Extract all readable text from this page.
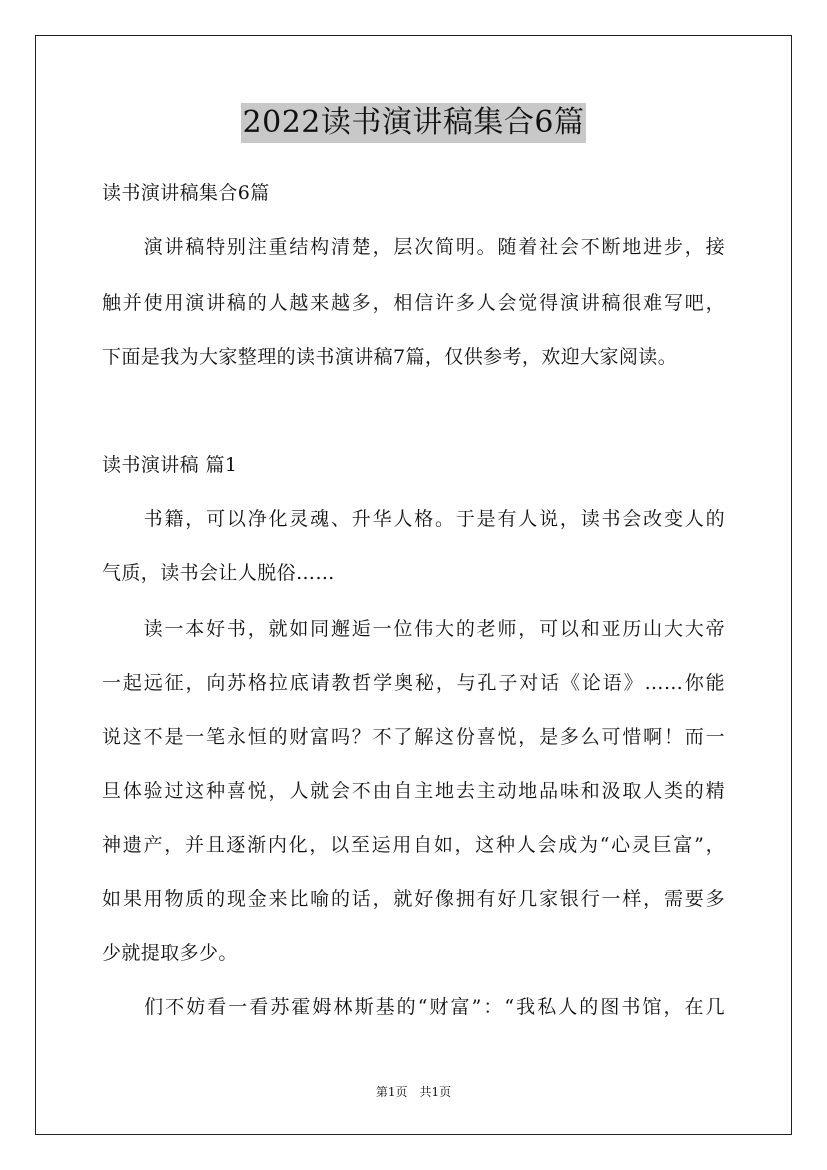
2022读书演讲稿集合6篇
读书演讲稿集合6篇
　　演讲稿特别注重结构清楚，层次简明。随着社会不断地进步，接
触并使用演讲稿的人越来越多，相信许多人会觉得演讲稿很难写吧，
下面是我为大家整理的读书演讲稿7篇，仅供参考，欢迎大家阅读。
读书演讲稿 篇1
　　书籍，可以净化灵魂、升华人格。于是有人说，读书会改变人的
气质，读书会让人脱俗……
　　读一本好书，就如同邂逅一位伟大的老师，可以和亚历山大大帝
一起远征，向苏格拉底请教哲学奥秘，与孔子对话《论语》……你能
说这不是一笔永恒的财富吗？不了解这份喜悦，是多么可惜啊！而一
旦体验过这种喜悦，人就会不由自主地去主动地品味和汲取人类的精
神遗产，并且逐渐内化，以至运用自如，这种人会成为“心灵巨富”，
如果用物质的现金来比喻的话，就好像拥有好几家银行一样，需要多
少就提取多少。
　　们不妨看一看苏霍姆林斯基的“财富”：“我私人的图书馆，在几
第1页　共1页
